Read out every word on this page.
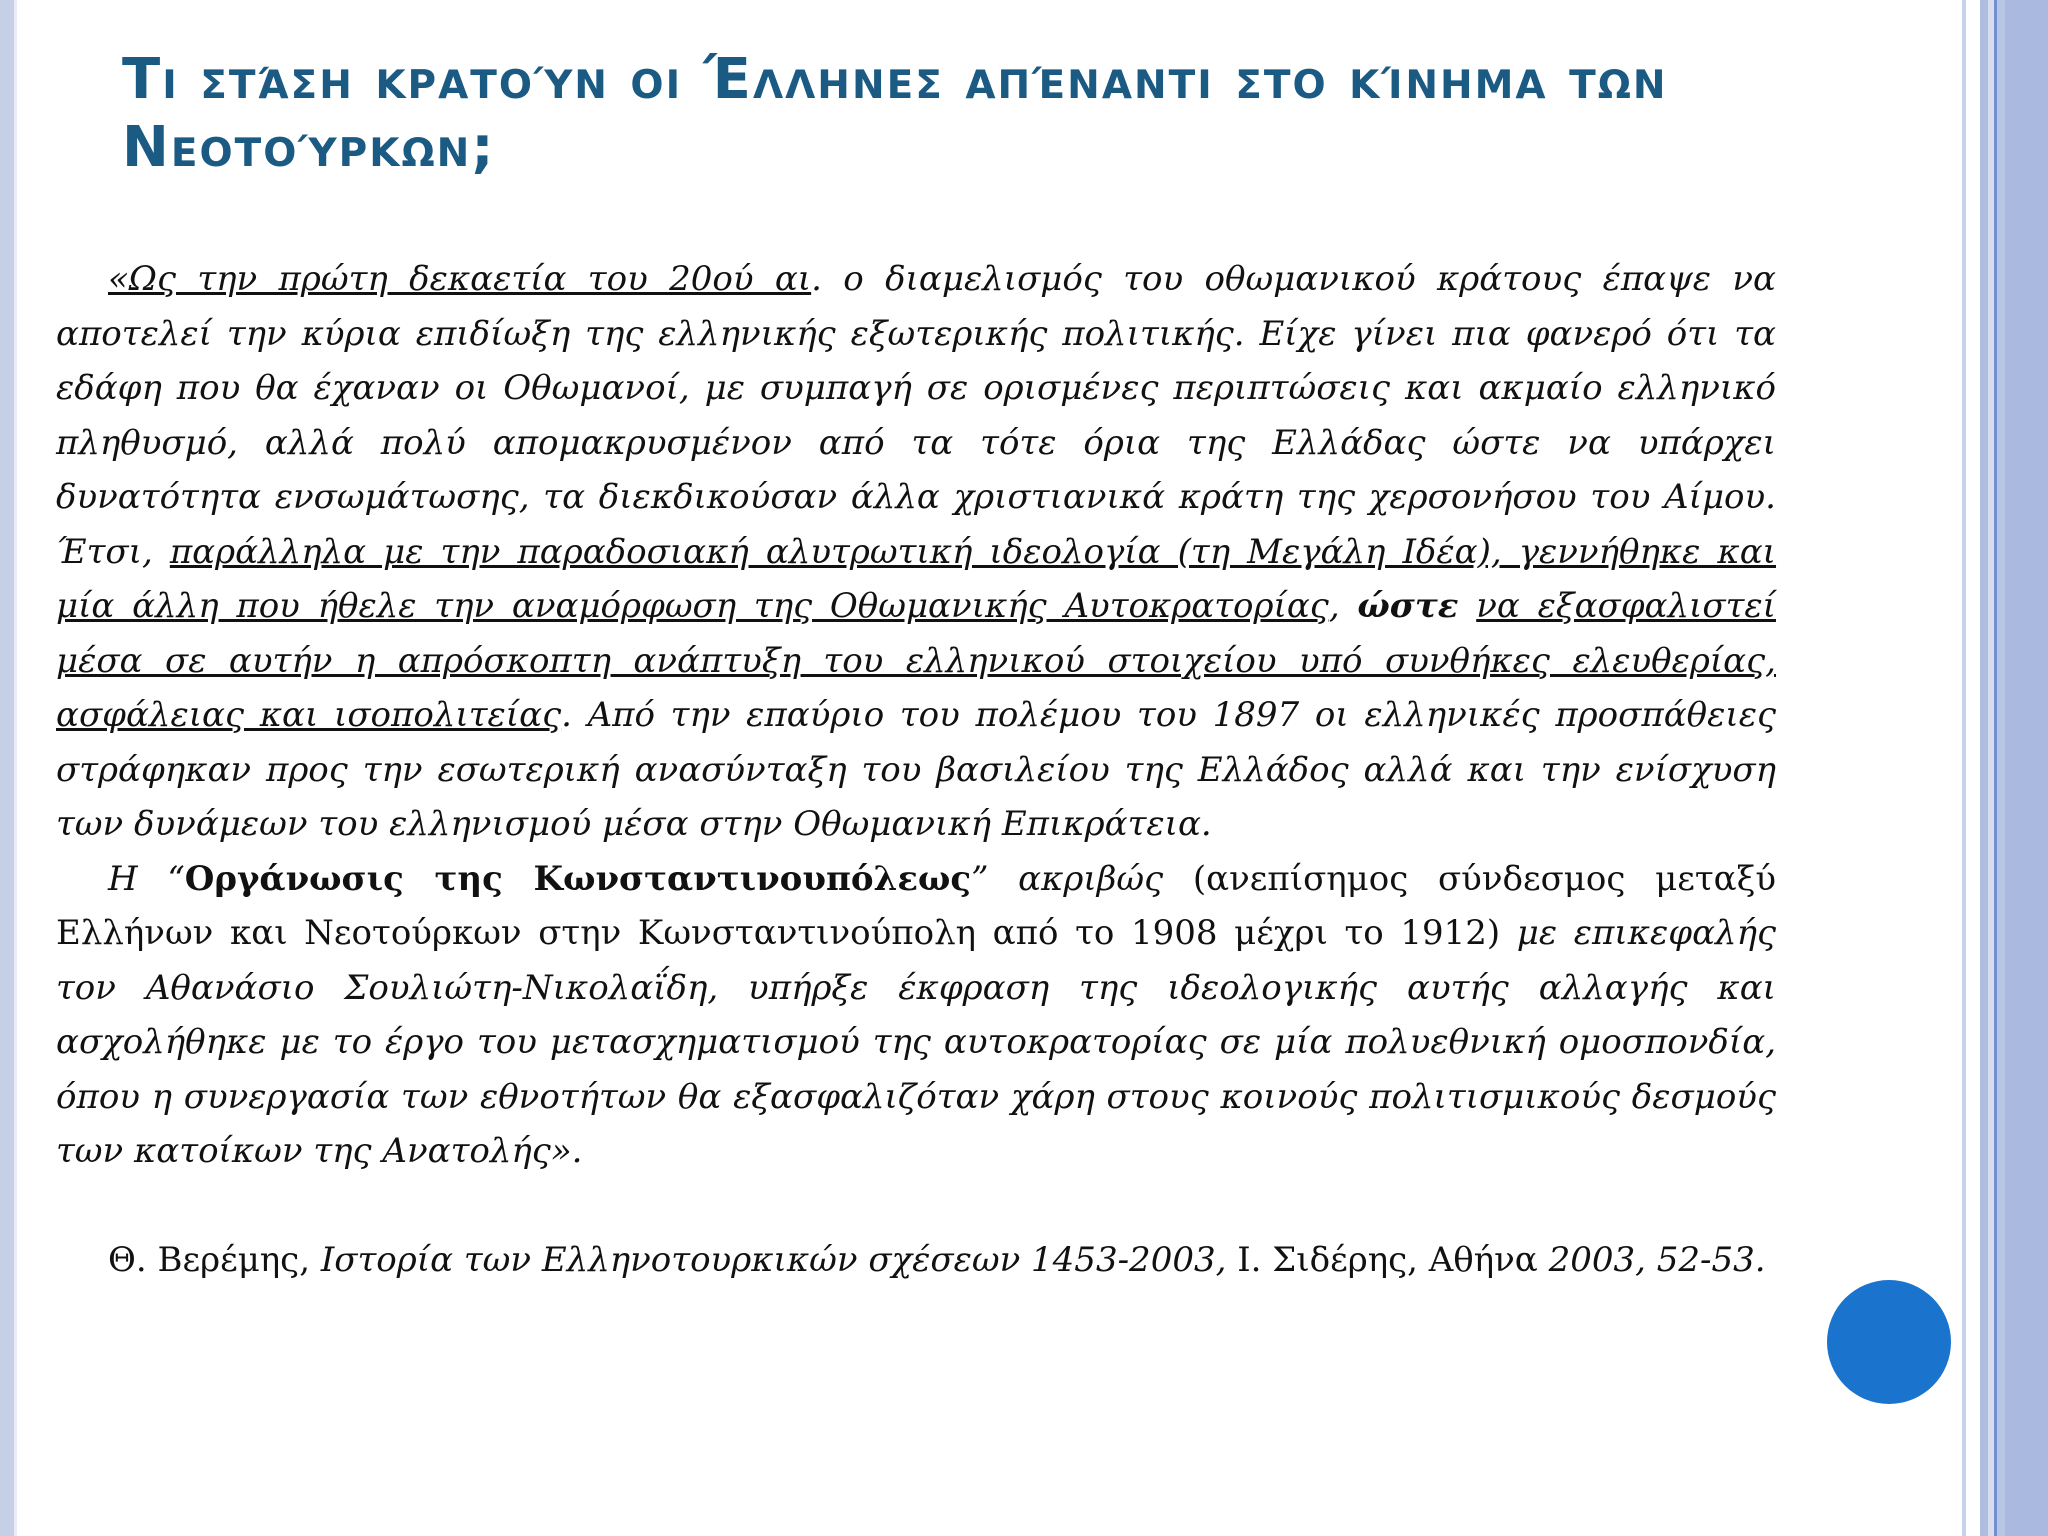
Τι στάση κρατούν οι Έλληνες απέναντι στο κίνημα των Νεοτούρκων;

«Ως την πρώτη δεκαετία του 20ού αι. ο διαμελισμός του οθωμανικού κράτους έπαψε να αποτελεί την κύρια επιδίωξη της ελληνικής εξωτερικής πολιτικής. Είχε γίνει πια φανερό ότι τα εδάφη που θα έχαναν οι Οθωμανοί, με συμπαγή σε ορισμένες περιπτώσεις και ακμαίο ελληνικό πληθυσμό, αλλά πολύ απομακρυσμένον από τα τότε όρια της Ελλάδας ώστε να υπάρχει δυνατότητα ενσωμάτωσης, τα διεκδικούσαν άλλα χριστιανικά κράτη της χερσονήσου του Αίμου. Έτσι, παράλληλα με την παραδοσιακή αλυτρωτική ιδεολογία (τη Μεγάλη Ιδέα), γεννήθηκε και μία άλλη που ήθελε την αναμόρφωση της Οθωμανικής Αυτοκρατορίας, ώστε να εξασφαλιστεί μέσα σε αυτήν η απρόσκοπτη ανάπτυξη του ελληνικού στοιχείου υπό συνθήκες ελευθερίας, ασφάλειας και ισοπολιτείας. Από την επαύριο του πολέμου του 1897 οι ελληνικές προσπάθειες στράφηκαν προς την εσωτερική ανασύνταξη του βασιλείου της Ελλάδος αλλά και την ενίσχυση των δυνάμεων του ελληνισμού μέσα στην Οθωμανική Επικράτεια.

Η “Οργάνωσις της Κωνσταντινουπόλεως” ακριβώς (ανεπίσημος σύνδεσμος μεταξύ Ελλήνων και Νεοτούρκων στην Κωνσταντινούπολη από το 1908 μέχρι το 1912) με επικεφαλής τον Αθανάσιο Σουλιώτη-Νικολαΐδη, υπήρξε έκφραση της ιδεολογικής αυτής αλλαγής και ασχολήθηκε με το έργο του μετασχηματισμού της αυτοκρατορίας σε μία πολυεθνική ομοσπονδία, όπου η συνεργασία των εθνοτήτων θα εξασφαλιζόταν χάρη στους κοινούς πολιτισμικούς δεσμούς των κατοίκων της Ανατολής».

Θ. Βερέμης, Ιστορία των Ελληνοτουρκικών σχέσεων 1453-2003, Ι. Σιδέρης, Αθήνα 2003, 52-53.
